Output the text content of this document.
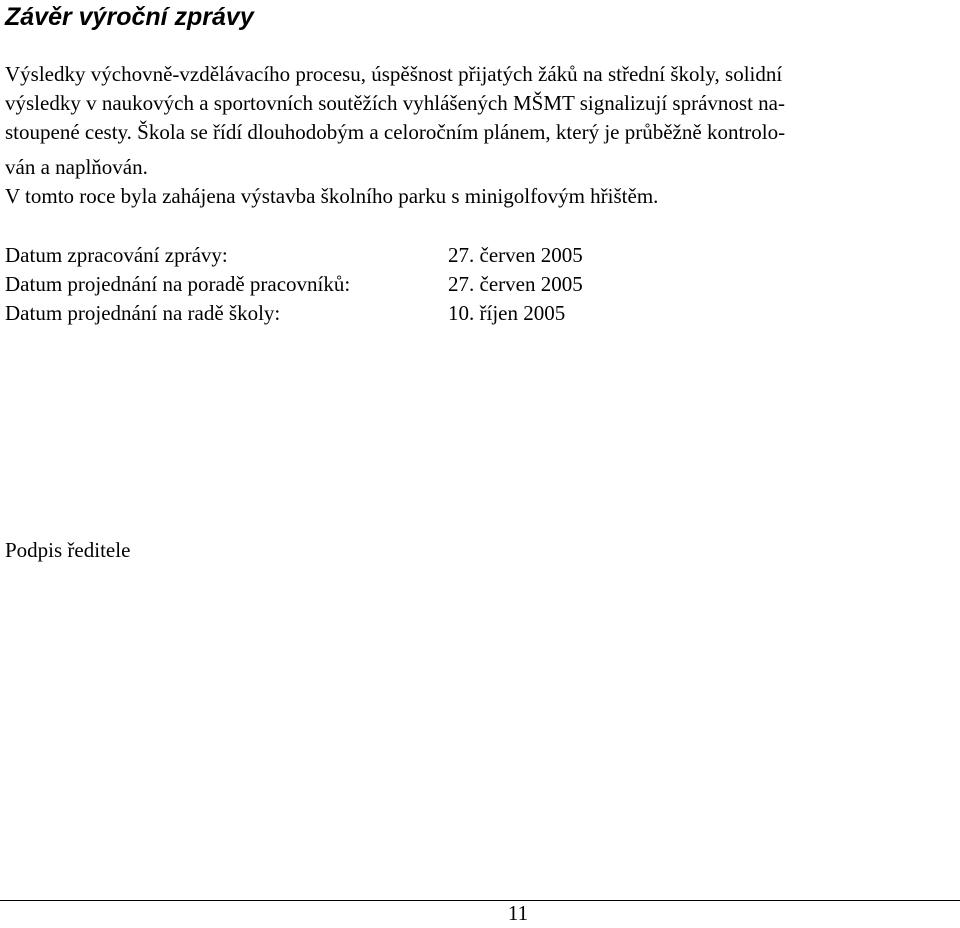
Závěr výroční zprávy
Výsledky výchovně-vzdělávacího procesu, úspěšnost přijatých žáků na střední školy, solidní
výsledky v naukových a sportovních soutěžích vyhlášených MŠMT signalizují správnost na-
stoupené cesty. Škola se řídí dlouhodobým a celoročním plánem, který je průběžně kontrolo-
ván a naplňován.
V tomto roce byla zahájena výstavba školního parku s minigolfovým hřištěm.
Datum zpracování zprávy:	27. červen 2005
Datum projednání na poradě pracovníků:	27. červen 2005
Datum projednání na radě školy:	10. říjen 2005
Podpis ředitele
11
